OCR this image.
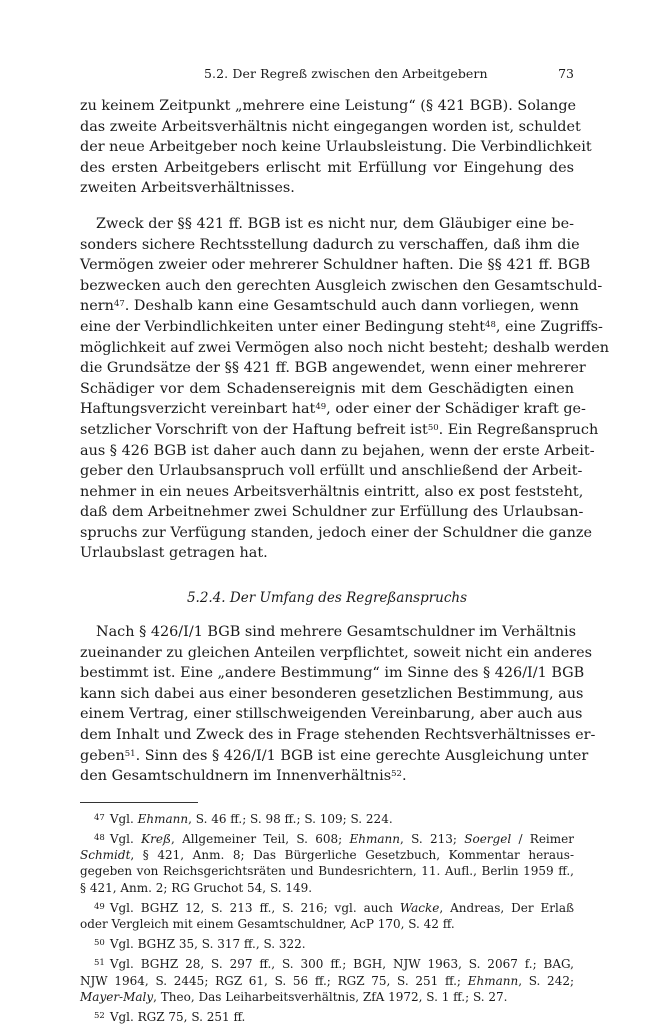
5.2. Der Regreß zwischen den Arbeitgebern	73

zu keinem Zeitpunkt „mehrere eine Leistung“ (§ 421 BGB). Solange
das zweite Arbeitsverhältnis nicht eingegangen worden ist, schuldet
der neue Arbeitgeber noch keine Urlaubsleistung. Die Verbindlichkeit
des ersten Arbeitgebers erlischt mit Erfüllung vor Eingehung des
zweiten Arbeitsverhältnisses.

Zweck der §§ 421 ff. BGB ist es nicht nur, dem Gläubiger eine be-
sonders sichere Rechtsstellung dadurch zu verschaffen, daß ihm die
Vermögen zweier oder mehrerer Schuldner haften. Die §§ 421 ff. BGB
bezwecken auch den gerechten Ausgleich zwischen den Gesamtschuld-
nern$^{47}$. Deshalb kann eine Gesamtschuld auch dann vorliegen, wenn
eine der Verbindlichkeiten unter einer Bedingung steht$^{48}$, eine Zugriffs-
möglichkeit auf zwei Vermögen also noch nicht besteht; deshalb werden
die Grundsätze der §§ 421 ff. BGB angewendet, wenn einer mehrerer
Schädiger vor dem Schadensereignis mit dem Geschädigten einen
Haftungsverzicht vereinbart hat$^{49}$, oder einer der Schädiger kraft ge-
setzlicher Vorschrift von der Haftung befreit ist$^{50}$. Ein Regreßanspruch
aus § 426 BGB ist daher auch dann zu bejahen, wenn der erste Arbeit-
geber den Urlaubsanspruch voll erfüllt und anschließend der Arbeit-
nehmer in ein neues Arbeitsverhältnis eintritt, also ex post feststeht,
daß dem Arbeitnehmer zwei Schuldner zur Erfüllung des Urlaubsan-
spruchs zur Verfügung standen, jedoch einer der Schuldner die ganze
Urlaubslast getragen hat.

5.2.4. Der Umfang des Regreßanspruchs

Nach § 426/I/1 BGB sind mehrere Gesamtschuldner im Verhältnis
zueinander zu gleichen Anteilen verpflichtet, soweit nicht ein anderes
bestimmt ist. Eine „andere Bestimmung“ im Sinne des § 426/I/1 BGB
kann sich dabei aus einer besonderen gesetzlichen Bestimmung, aus
einem Vertrag, einer stillschweigenden Vereinbarung, aber auch aus
dem Inhalt und Zweck des in Frage stehenden Rechtsverhältnisses er-
geben$^{51}$. Sinn des § 426/I/1 BGB ist eine gerechte Ausgleichung unter
den Gesamtschuldnern im Innenverhältnis$^{52}$.

$^{47}$ Vgl. Ehmann, S. 46 ff.; S. 98 ff.; S. 109; S. 224.
$^{48}$ Vgl. Kreß, Allgemeiner Teil, S. 608; Ehmann, S. 213; Soergel / Reimer
Schmidt, § 421, Anm. 8; Das Bürgerliche Gesetzbuch, Kommentar heraus-
gegeben von Reichsgerichtsräten und Bundesrichtern, 11. Aufl., Berlin 1959 ff.,
§ 421, Anm. 2; RG Gruchot 54, S. 149.
$^{49}$ Vgl. BGHZ 12, S. 213 ff., S. 216; vgl. auch Wacke, Andreas, Der Erlaß
oder Vergleich mit einem Gesamtschuldner, AcP 170, S. 42 ff.
$^{50}$ Vgl. BGHZ 35, S. 317 ff., S. 322.
$^{51}$ Vgl. BGHZ 28, S. 297 ff., S. 300 ff.; BGH, NJW 1963, S. 2067 f.; BAG,
NJW 1964, S. 2445; RGZ 61, S. 56 ff.; RGZ 75, S. 251 ff.; Ehmann, S. 242;
Mayer-Maly, Theo, Das Leiharbeitsverhältnis, ZfA 1972, S. 1 ff.; S. 27.
$^{52}$ Vgl. RGZ 75, S. 251 ff.
